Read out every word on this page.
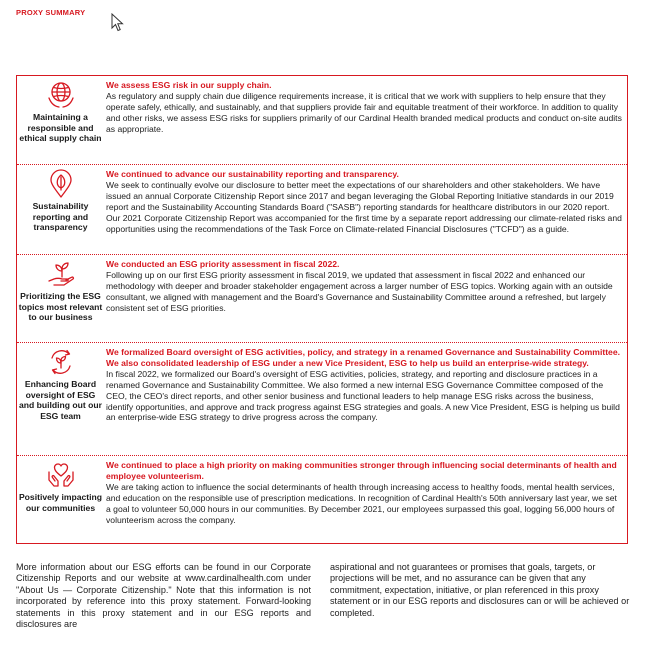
PROXY SUMMARY
Maintaining a responsible and ethical supply chain
We assess ESG risk in our supply chain.
As regulatory and supply chain due diligence requirements increase, it is critical that we work with suppliers to help ensure that they operate safely, ethically, and sustainably, and that suppliers provide fair and equitable treatment of their workforce. In addition to quality and other risks, we assess ESG risks for suppliers primarily of our Cardinal Health branded medical products and conduct on-site audits as appropriate.
Sustainability reporting and transparency
We continued to advance our sustainability reporting and transparency.
We seek to continually evolve our disclosure to better meet the expectations of our shareholders and other stakeholders. We have issued an annual Corporate Citizenship Report since 2017 and began leveraging the Global Reporting Initiative standards in our 2019 report and the Sustainability Accounting Standards Board ("SASB") reporting standards for healthcare distributors in our 2020 report. Our 2021 Corporate Citizenship Report was accompanied for the first time by a separate report addressing our climate-related risks and opportunities using the recommendations of the Task Force on Climate-related Financial Disclosures ("TCFD") as a guide.
Prioritizing the ESG topics most relevant to our business
We conducted an ESG priority assessment in fiscal 2022.
Following up on our first ESG priority assessment in fiscal 2019, we updated that assessment in fiscal 2022 and enhanced our methodology with deeper and broader stakeholder engagement across a larger number of ESG topics. Working again with an outside consultant, we aligned with management and the Board's Governance and Sustainability Committee around a refreshed, but largely consistent set of ESG priorities.
Enhancing Board oversight of ESG and building out our ESG team
We formalized Board oversight of ESG activities, policy, and strategy in a renamed Governance and Sustainability Committee. We also consolidated leadership of ESG under a new Vice President, ESG to help us build an enterprise-wide strategy.
In fiscal 2022, we formalized our Board's oversight of ESG activities, policies, strategy, and reporting and disclosure practices in a renamed Governance and Sustainability Committee. We also formed a new internal ESG Governance Committee composed of the CEO, the CEO's direct reports, and other senior business and functional leaders to help manage ESG risks across the business, identify opportunities, and approve and track progress against ESG strategies and goals. A new Vice President, ESG is helping us build an enterprise-wide ESG strategy to drive progress across the company.
Positively impacting our communities
We continued to place a high priority on making communities stronger through influencing social determinants of health and employee volunteerism.
We are taking action to influence the social determinants of health through increasing access to healthy foods, mental health services, and education on the responsible use of prescription medications. In recognition of Cardinal Health's 50th anniversary last year, we set a goal to volunteer 50,000 hours in our communities. By December 2021, our employees surpassed this goal, logging 56,000 hours of volunteerism across the company.
More information about our ESG efforts can be found in our Corporate Citizenship Reports and our website at www.cardinalhealth.com under "About Us — Corporate Citizenship." Note that this information is not incorporated by reference into this proxy statement. Forward-looking statements in this proxy statement and in our ESG reports and disclosures are
aspirational and not guarantees or promises that goals, targets, or projections will be met, and no assurance can be given that any commitment, expectation, initiative, or plan referenced in this proxy statement or in our ESG reports and disclosures can or will be achieved or completed.
